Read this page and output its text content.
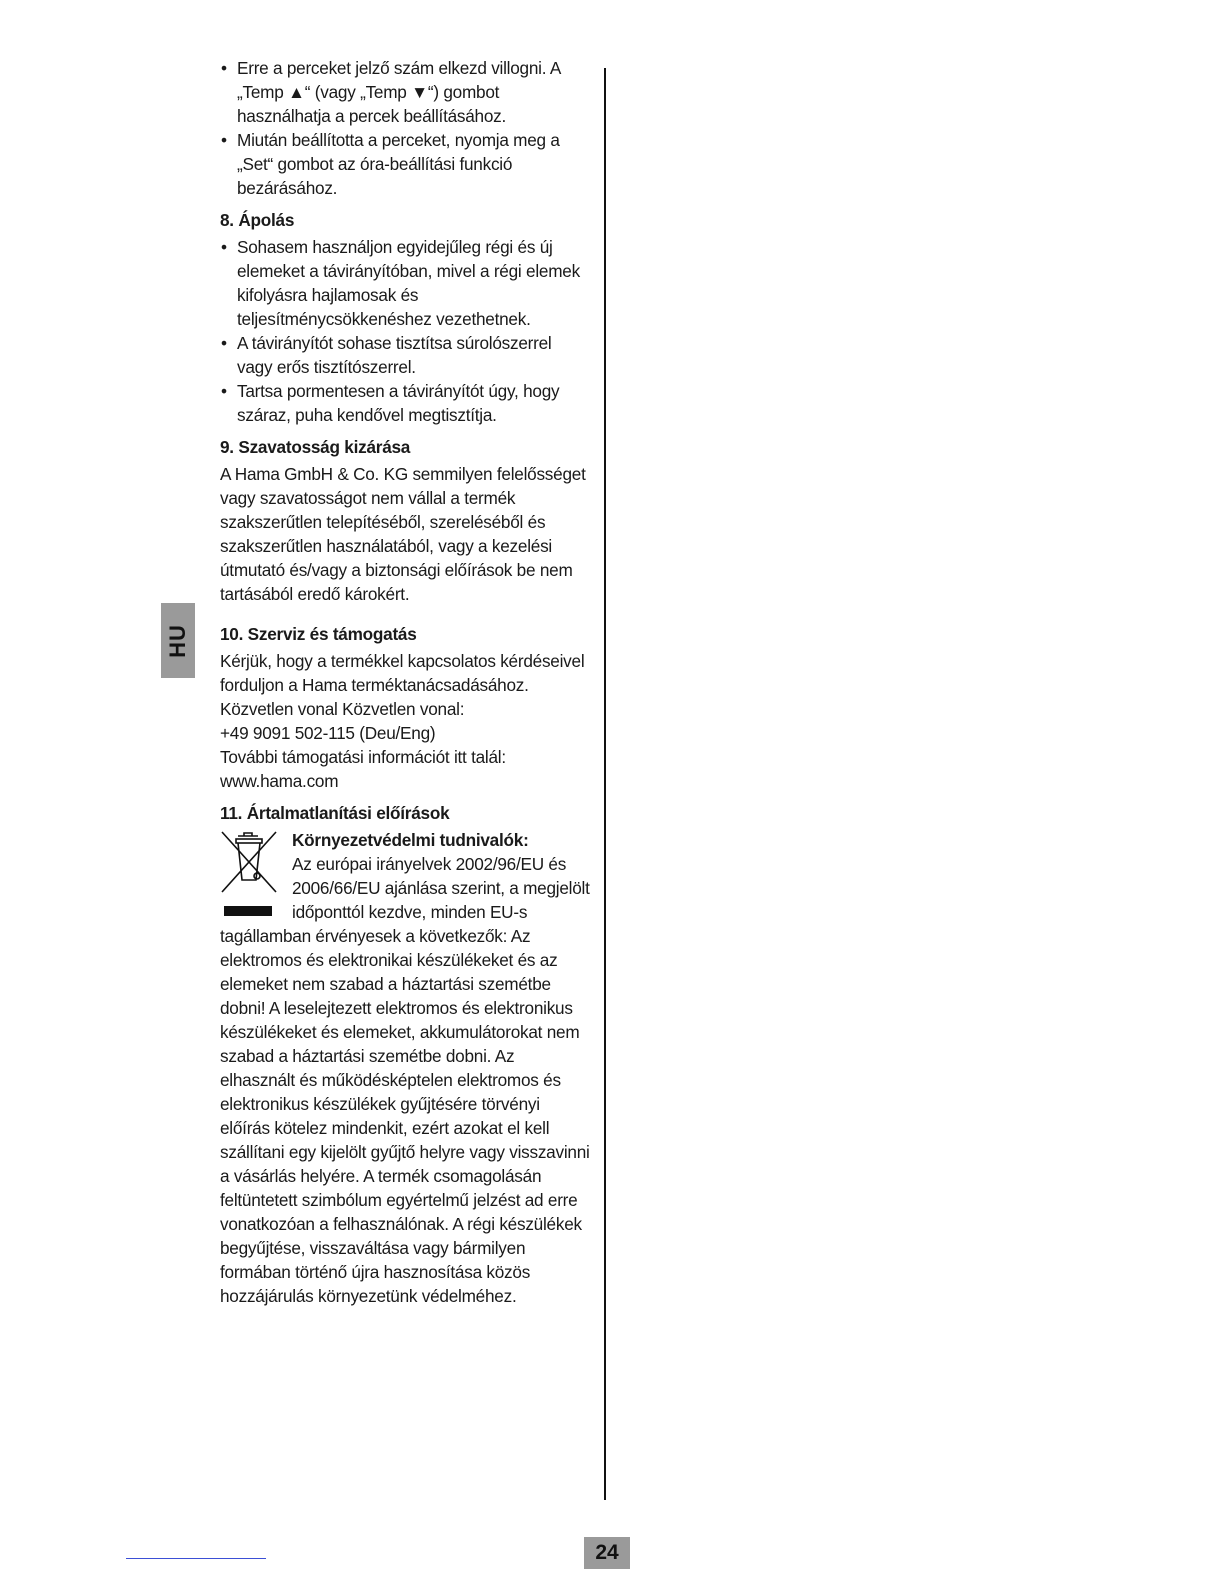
• Erre a perceket jelző szám elkezd villogni. A „Temp ▲“ (vagy „Temp ▼“) gombot használhatja a percek beállításához.
• Miután beállította a perceket, nyomja meg a „Set“ gombot az óra-beállítási funkció bezárásához.
8. Ápolás
• Sohasem használjon egyidejűleg régi és új elemeket a távirányítóban, mivel a régi elemek kifolyásra hajlamosak és teljesítménycsökkenéshez vezethetnek.
• A távirányítót sohase tisztítsa súrolószerrel vagy erős tisztítószerrel.
• Tartsa pormentesen a távirányítót úgy, hogy száraz, puha kendővel megtisztítja.
9. Szavatosság kizárása

A Hama GmbH & Co. KG semmilyen felelősséget vagy szavatosságot nem vállal a termék szakszerűtlen telepítéséből, szereléséből és szakszerűtlen használatából, vagy a kezelési útmutató és/vagy a biztonsági előírások be nem tartásából eredő károkért.

10. Szerviz és támogatás

Kérjük, hogy a termékkel kapcsolatos kérdéseivel forduljon a Hama terméktanácsadásához.

Közvetlen vonal Közvetlen vonal:

+49 9091 502-115 (Deu/Eng)

További támogatási információt itt talál:

www.hama.com

11. Ártalmatlanítási előírások

Környezetvédelmi tudnivalók:

Az európai irányelvek 2002/96/EU és 2006/66/EU ajánlása szerint, a megjelölt időponttól kezdve, minden EU-s tagállamban érvényesek a következők: Az elektromos és elektronikai készülékeket és az elemeket nem szabad a háztartási szemétbe dobni! A leselejtezett elektromos és elektronikus készülékeket és elemeket, akkumulátorokat nem szabad a háztartási szemétbe dobni. Az elhasznált és működésképtelen elektromos és elektronikus készülékek gyűjtésére törvényi előírás kötelez mindenkit, ezért azokat el kell szállítani egy kijelölt gyűjtő helyre vagy visszavinni a vásárlás helyére. A termék csomagolásán feltüntetett szimbólum egyértelmű jelzést ad erre vonatkozóan a felhasználónak. A régi készülékek begyűjtése, visszaváltása vagy bármilyen formában történő újra hasznosítása közös hozzájárulás környezetünk védelméhez.

HU
24
